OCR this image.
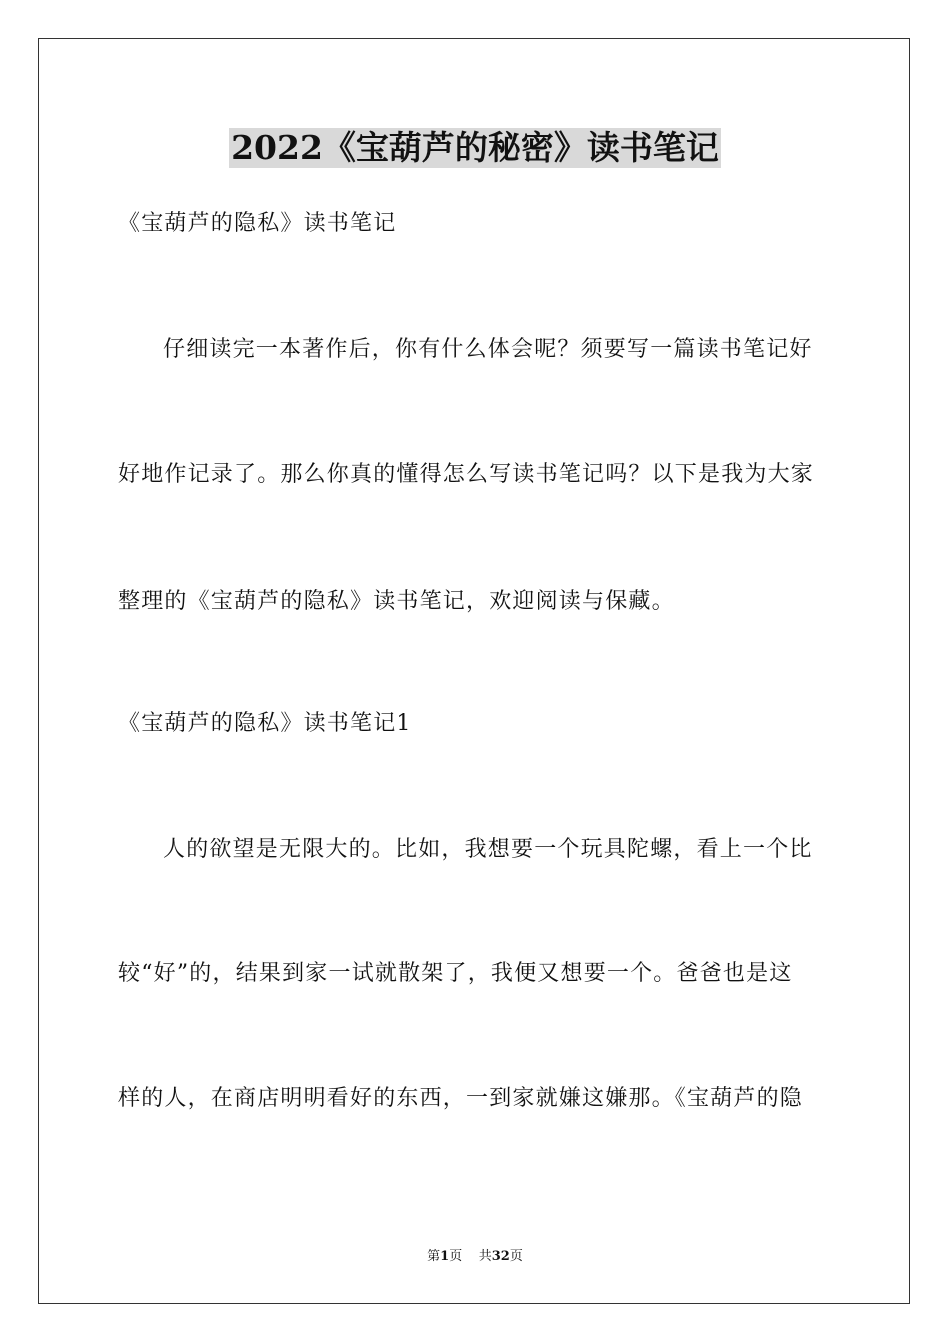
2022《宝葫芦的秘密》读书笔记
《宝葫芦的隐私》读书笔记
仔细读完一本著作后，你有什么体会呢？须要写一篇读书笔记好
好地作记录了。那么你真的懂得怎么写读书笔记吗？以下是我为大家
整理的《宝葫芦的隐私》读书笔记，欢迎阅读与保藏。
《宝葫芦的隐私》读书笔记1
人的欲望是无限大的。比如，我想要一个玩具陀螺，看上一个比
较“好”的，结果到家一试就散架了，我便又想要一个。爸爸也是这
样的人，在商店明明看好的东西，一到家就嫌这嫌那。《宝葫芦的隐
第1页    共32页
